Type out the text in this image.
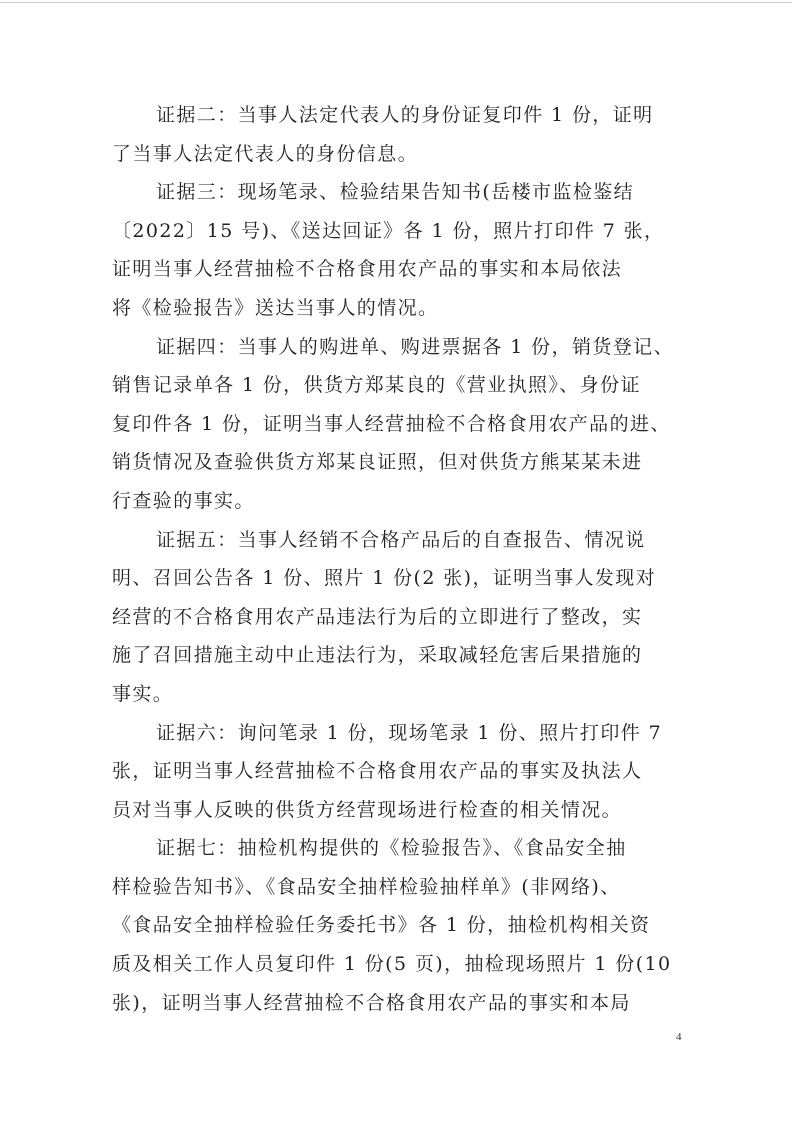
证据二：当事人法定代表人的身份证复印件 1 份，证明
了当事人法定代表人的身份信息。
证据三：现场笔录、检验结果告知书(岳楼市监检鉴结
〔2022〕15 号)、《送达回证》各 1 份，照片打印件 7 张，
证明当事人经营抽检不合格食用农产品的事实和本局依法
将《检验报告》送达当事人的情况。
证据四：当事人的购进单、购进票据各 1 份，销货登记、
销售记录单各 1 份，供货方郑某良的《营业执照》、身份证
复印件各 1 份，证明当事人经营抽检不合格食用农产品的进、
销货情况及查验供货方郑某良证照，但对供货方熊某某未进
行查验的事实。
证据五：当事人经销不合格产品后的自查报告、情况说
明、召回公告各 1 份、照片 1 份(2 张)，证明当事人发现对
经营的不合格食用农产品违法行为后的立即进行了整改，实
施了召回措施主动中止违法行为，采取减轻危害后果措施的
事实。
证据六：询问笔录 1 份，现场笔录 1 份、照片打印件 7
张，证明当事人经营抽检不合格食用农产品的事实及执法人
员对当事人反映的供货方经营现场进行检查的相关情况。
证据七：抽检机构提供的《检验报告》、《食品安全抽
样检验告知书》、《食品安全抽样检验抽样单》(非网络)、
《食品安全抽样检验任务委托书》各 1 份，抽检机构相关资
质及相关工作人员复印件 1 份(5 页)，抽检现场照片 1 份(10
张)，证明当事人经营抽检不合格食用农产品的事实和本局
4
